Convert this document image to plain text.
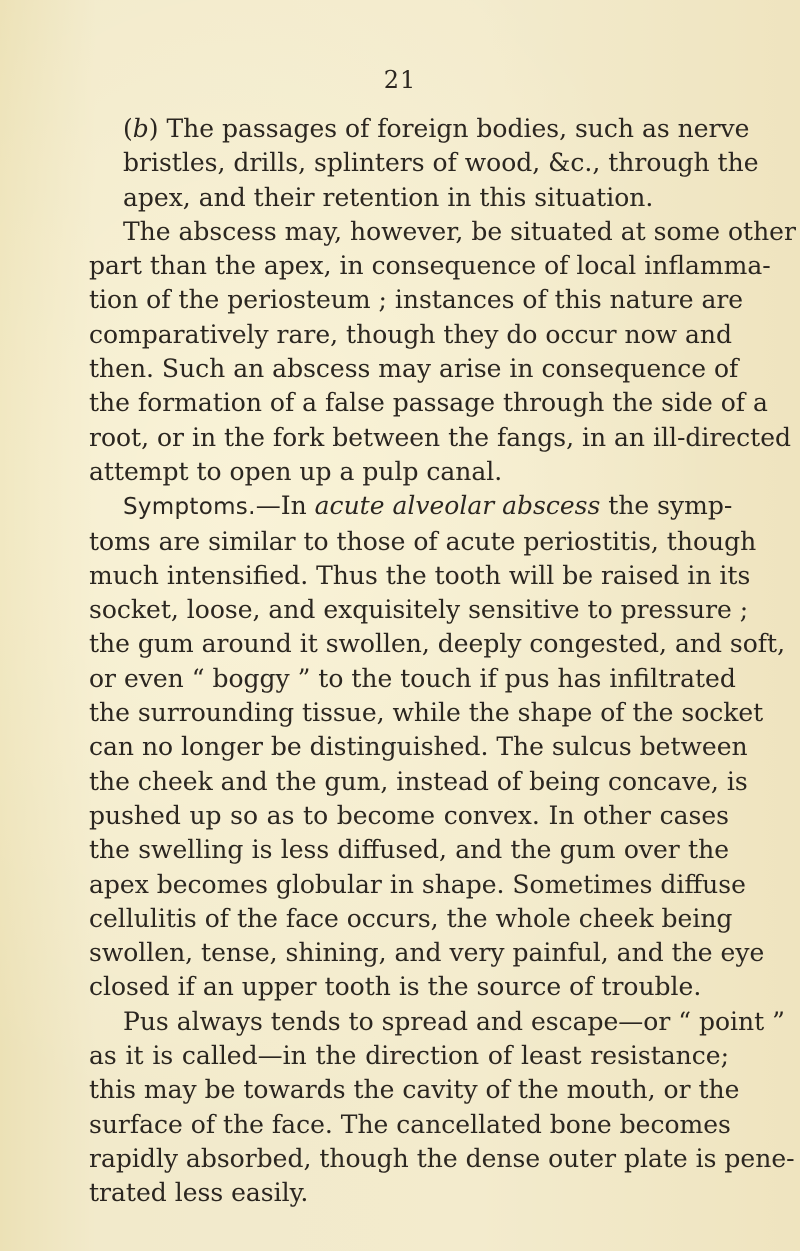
21
(b) The passages of foreign bodies, such as nerve
bristles, drills, splinters of wood, &c., through the
apex, and their retention in this situation.
The abscess may, however, be situated at some other
part than the apex, in consequence of local inflamma-
tion of the periosteum ; instances of this nature are
comparatively rare, though they do occur now and
then. Such an abscess may arise in consequence of
the formation of a false passage through the side of a
root, or in the fork between the fangs, in an ill-directed
attempt to open up a pulp canal.
Symptoms.—In acute alveolar abscess the symp-
toms are similar to those of acute periostitis, though
much intensified. Thus the tooth will be raised in its
socket, loose, and exquisitely sensitive to pressure ;
the gum around it swollen, deeply congested, and soft,
or even “ boggy ” to the touch if pus has infiltrated
the surrounding tissue, while the shape of the socket
can no longer be distinguished. The sulcus between
the cheek and the gum, instead of being concave, is
pushed up so as to become convex. In other cases
the swelling is less diffused, and the gum over the
apex becomes globular in shape. Sometimes diffuse
cellulitis of the face occurs, the whole cheek being
swollen, tense, shining, and very painful, and the eye
closed if an upper tooth is the source of trouble.
Pus always tends to spread and escape—or “ point ”
as it is called—in the direction of least resistance;
this may be towards the cavity of the mouth, or the
surface of the face. The cancellated bone becomes
rapidly absorbed, though the dense outer plate is pene-
trated less easily.
